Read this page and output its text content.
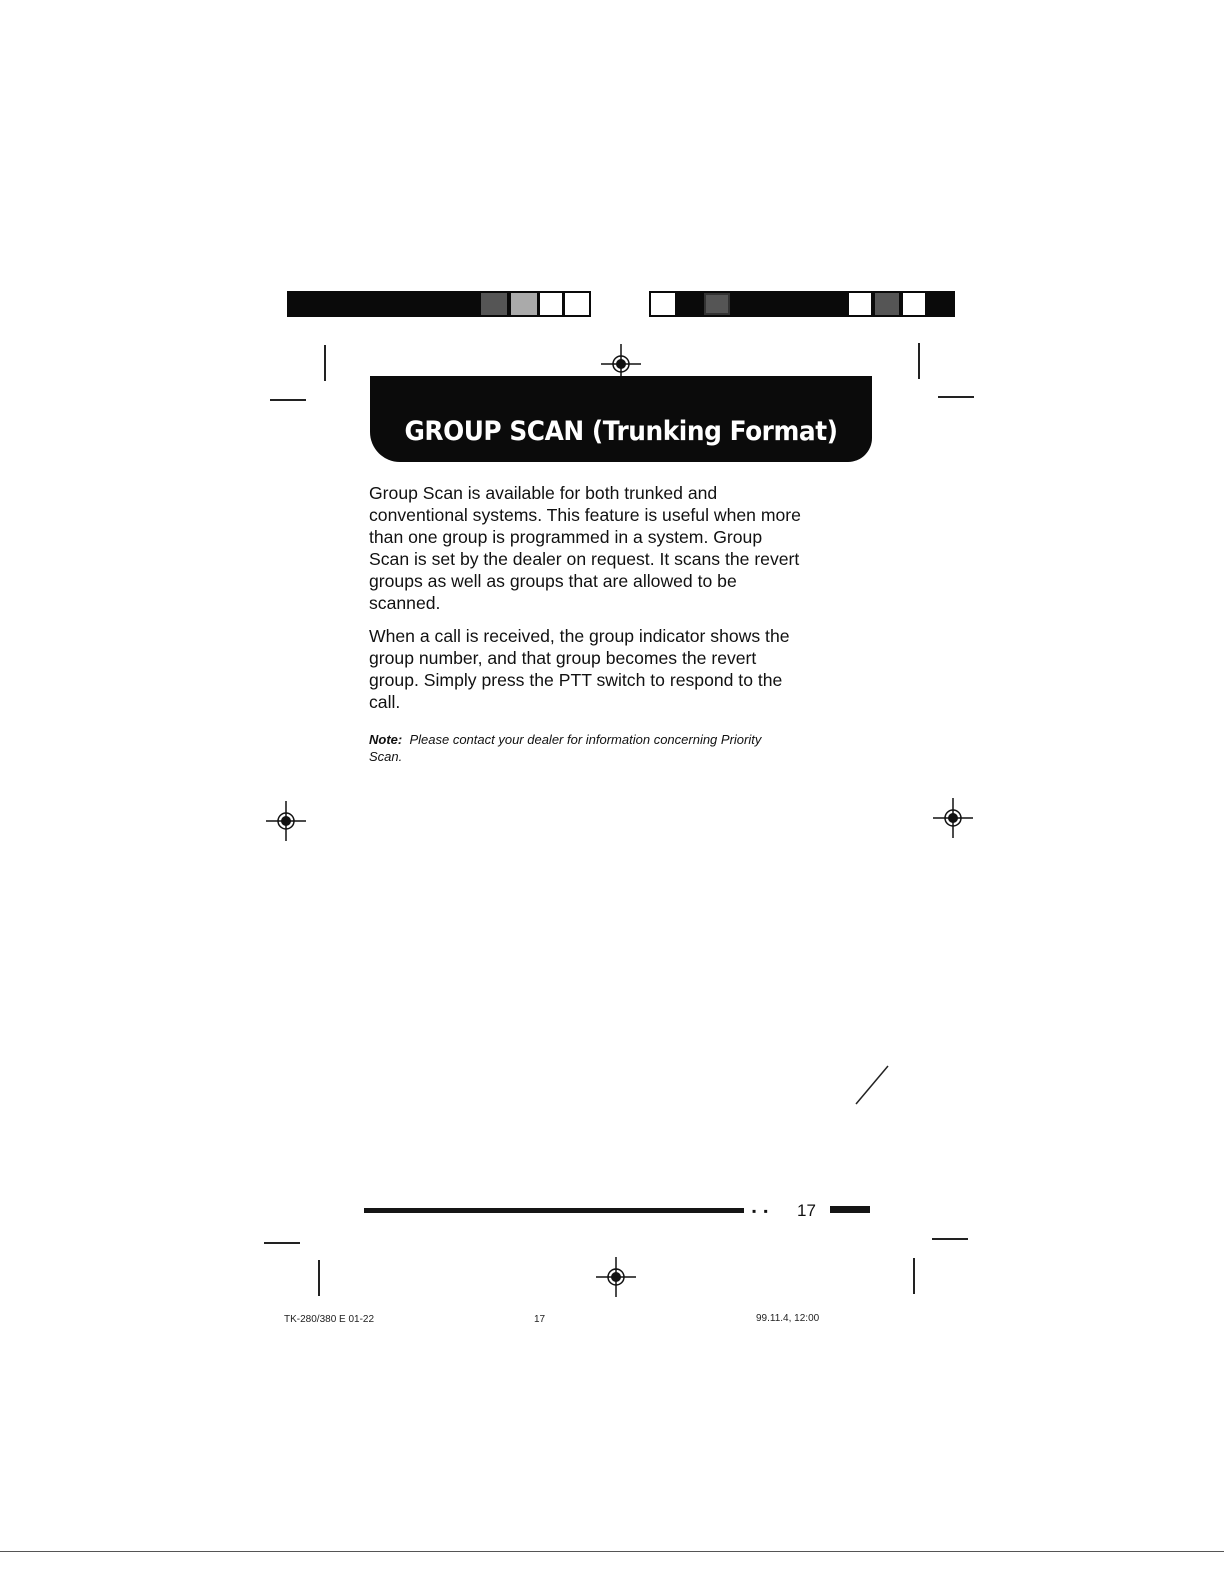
GROUP SCAN (Trunking Format)
Group Scan is available for both trunked and
conventional systems. This feature is useful when more
than one group is programmed in a system. Group
Scan is set by the dealer on request. It scans the revert
groups as well as groups that are allowed to be
scanned.
When a call is received, the group indicator shows the
group number, and that group becomes the revert
group. Simply press the PTT switch to respond to the
call.
Note: Please contact your dealer for information concerning Priority
Scan.
▪ ▪ 17
TK-280/380 E 01-22	17	99.11.4, 12:00
